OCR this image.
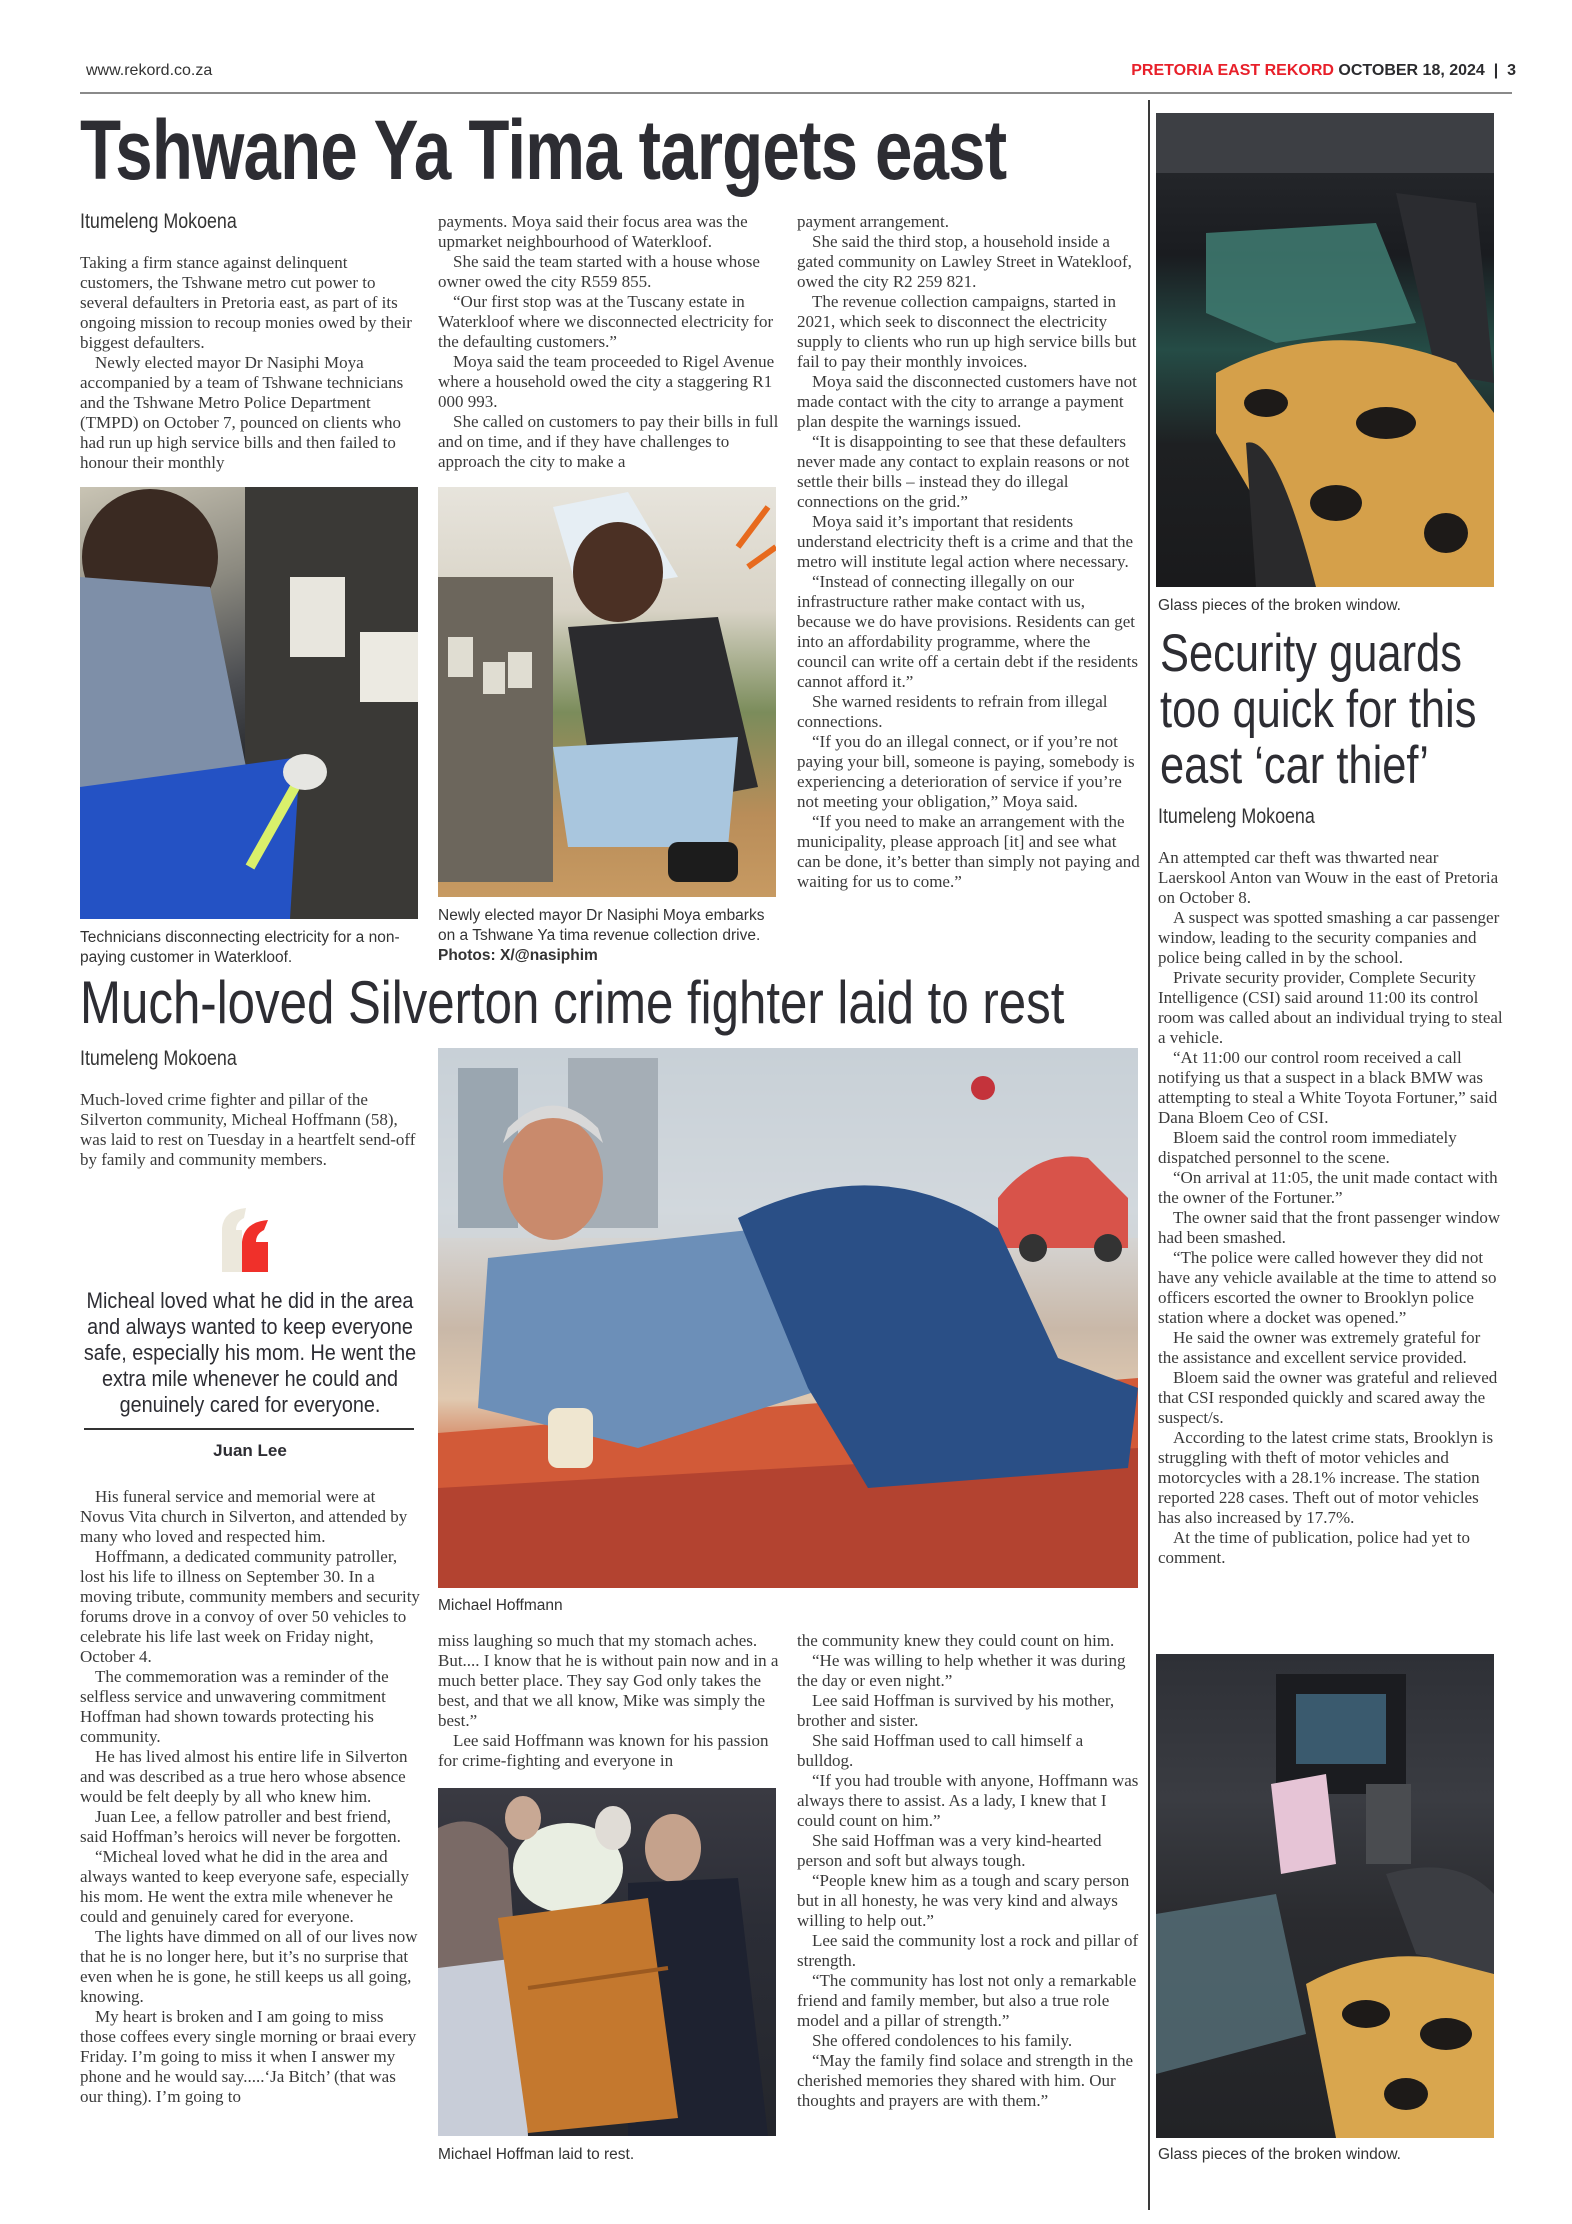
www.rekord.co.za	PRETORIA EAST REKORD OCTOBER 18, 2024 | 3
Tshwane Ya Tima targets east
Itumeleng Mokoena

Taking a firm stance against delinquent customers, the Tshwane metro cut power to several defaulters in Pretoria east, as part of its ongoing mission to recoup monies owed by their biggest defaulters.

Newly elected mayor Dr Nasiphi Moya accompanied by a team of Tshwane technicians and the Tshwane Metro Police Department (TMPD) on October 7, pounced on clients who had run up high service bills and then failed to honour their monthly

payments. Moya said their focus area was the upmarket neighbourhood of Waterkloof.

She said the team started with a house whose owner owed the city R559 855.

“Our first stop was at the Tuscany estate in Waterkloof where we disconnected electricity for the defaulting customers.”

Moya said the team proceeded to Rigel Avenue where a household owed the city a staggering R1 000 993.

She called on customers to pay their bills in full and on time, and if they have challenges to approach the city to make a

payment arrangement.

She said the third stop, a household inside a gated community on Lawley Street in Watekloof, owed the city R2 259 821.

The revenue collection campaigns, started in 2021, which seek to disconnect the electricity supply to clients who run up high service bills but fail to pay their monthly invoices.

Moya said the disconnected customers have not made contact with the city to arrange a payment plan despite the warnings issued.

“It is disappointing to see that these defaulters never made any contact to explain reasons or not settle their bills – instead they do illegal connections on the grid.”

Moya said it’s important that residents understand electricity theft is a crime and that the metro will institute legal action where necessary.

“Instead of connecting illegally on our infrastructure rather make contact with us, because we do have provisions. Residents can get into an affordability programme, where the council can write off a certain debt if the residents cannot afford it.”

She warned residents to refrain from illegal connections.

“If you do an illegal connect, or if you’re not paying your bill, someone is paying, somebody is experiencing a deterioration of service if you’re not meeting your obligation,” Moya said.

“If you need to make an arrangement with the municipality, please approach [it] and see what can be done, it’s better than simply not paying and waiting for us to come.”

Technicians disconnecting electricity for a non-paying customer in Waterkloof.
Newly elected mayor Dr Nasiphi Moya embarks on a Tshwane Ya tima revenue collection drive. Photos: X/@nasiphim
Much-loved Silverton crime fighter laid to rest
Itumeleng Mokoena

Much-loved crime fighter and pillar of the Silverton community, Micheal Hoffmann (58), was laid to rest on Tuesday in a heartfelt send-off by family and community members.

Micheal loved what he did in the area and always wanted to keep everyone safe, especially his mom. He went the extra mile whenever he could and genuinely cared for everyone.
Juan Lee

His funeral service and memorial were at Novus Vita church in Silverton, and attended by many who loved and respected him.

Hoffmann, a dedicated community patroller, lost his life to illness on September 30. In a moving tribute, community members and security forums drove in a convoy of over 50 vehicles to celebrate his life last week on Friday night, October 4.

The commemoration was a reminder of the selfless service and unwavering commitment Hoffman had shown towards protecting his community.

He has lived almost his entire life in Silverton and was described as a true hero whose absence would be felt deeply by all who knew him.

Juan Lee, a fellow patroller and best friend, said Hoffman’s heroics will never be forgotten.

“Micheal loved what he did in the area and always wanted to keep everyone safe, especially his mom. He went the extra mile whenever he could and genuinely cared for everyone.

The lights have dimmed on all of our lives now that he is no longer here, but it’s no surprise that even when he is gone, he still keeps us all going, knowing.

My heart is broken and I am going to miss those coffees every single morning or braai every Friday. I’m going to miss it when I answer my phone and he would say.....‘Ja Bitch’ (that was our thing). I’m going to

Michael Hoffmann

miss laughing so much that my stomach aches. But.... I know that he is without pain now and in a much better place. They say God only takes the best, and that we all know, Mike was simply the best.”

Lee said Hoffmann was known for his passion for crime-fighting and everyone in

Michael Hoffman laid to rest.

the community knew they could count on him.

“He was willing to help whether it was during the day or even night.”

Lee said Hoffman is survived by his mother, brother and sister.

She said Hoffman used to call himself a bulldog.

“If you had trouble with anyone, Hoffmann was always there to assist. As a lady, I knew that I could count on him.”

She said Hoffman was a very kind-hearted person and soft but always tough.

“People knew him as a tough and scary person but in all honesty, he was very kind and always willing to help out.”

Lee said the community lost a rock and pillar of strength.

“The community has lost not only a remarkable friend and family member, but also a true role model and a pillar of strength.”

She offered condolences to his family.

“May the family find solace and strength in the cherished memories they shared with him. Our thoughts and prayers are with them.”

Glass pieces of the broken window.
Security guards
too quick for this
east ‘car thief’
Itumeleng Mokoena

An attempted car theft was thwarted near Laerskool Anton van Wouw in the east of Pretoria on October 8.

A suspect was spotted smashing a car passenger window, leading to the security companies and police being called in by the school.

Private security provider, Complete Security Intelligence (CSI) said around 11:00 its control room was called about an individual trying to steal a vehicle.

“At 11:00 our control room received a call notifying us that a suspect in a black BMW was attempting to steal a White Toyota Fortuner,” said Dana Bloem Ceo of CSI.

Bloem said the control room immediately dispatched personnel to the scene.

“On arrival at 11:05, the unit made contact with the owner of the Fortuner.”

The owner said that the front passenger window had been smashed.

“The police were called however they did not have any vehicle available at the time to attend so officers escorted the owner to Brooklyn police station where a docket was opened.”

He said the owner was extremely grateful for the assistance and excellent service provided.

Bloem said the owner was grateful and relieved that CSI responded quickly and scared away the suspect/s.

According to the latest crime stats, Brooklyn is struggling with theft of motor vehicles and motorcycles with a 28.1% increase. The station reported 228 cases. Theft out of motor vehicles has also increased by 17.7%.

At the time of publication, police had yet to comment.

Glass pieces of the broken window.
